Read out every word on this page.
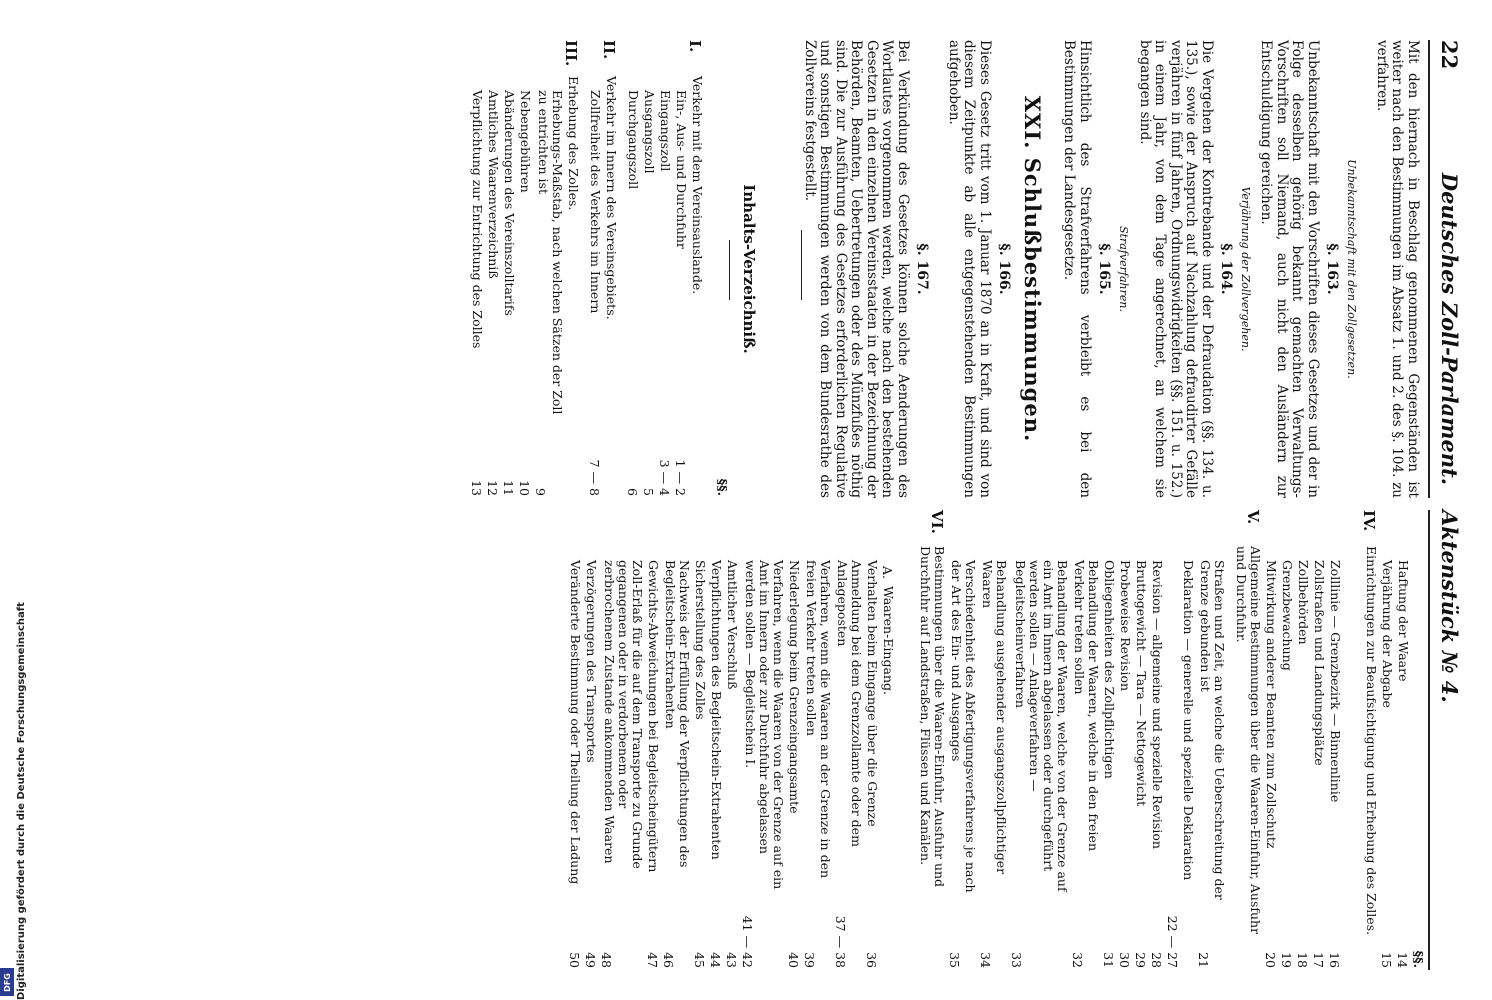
22
Deutsches Zoll-Parlament.
Mit den hiernach in Beschlag genommenen Gegenständen ist weiter nach den Bestimmungen im Absatz 1. und 2. des §. 104. zu verfahren.
Unbekanntschaft mit den Zollgesetzen.
§. 163.
Unbekanntschaft mit den Vorschriften dieses Gesetzes und der in Folge desselben gehörig bekannt gemachten Verwaltungs-Vorschriften soll Niemand, auch nicht den Ausländern zur Entschuldigung gereichen.
Verjährung der Zollvergehen.
§. 164.
Die Vergehen der Kontrebande und der Defraudation (§§. 134. u. 135.), sowie der Anspruch auf Nachzahlung defraudirter Gefälle verjähren in fünf Jahren, Ordnungswidrigkeiten (§§. 151. u. 152.) in einem Jahr, von dem Tage angerechnet, an welchem sie begangen sind.
Strafverfahren.
§. 165.
Hinsichtlich des Strafverfahrens verbleibt es bei den Bestimmungen der Landesgesetze.
XXI. Schlußbestimmungen.
§. 166.
Dieses Gesetz tritt vom 1. Januar 1870 an in Kraft, und sind von diesem Zeitpunkte ab alle entgegenstehenden Bestimmungen aufgehoben.
§. 167.
Bei Verkündung des Gesetzes können solche Aenderungen des Wortlautes vorgenommen werden, welche nach den bestehenden Gesetzen in den einzelnen Vereinsstaaten in der Bezeichnung der Behörden, Beamten, Uebertretungen oder des Münzfußes nöthig sind. Die zur Ausführung des Gesetzes erforderlichen Regulative und sonstigen Bestimmungen werden von dem Bundesrathe des Zollvereins festgestellt.
Inhalts-Verzeichniß.
§§.
I.
Verkehr mit dem Vereinsauslande.
Ein-, Aus- und Durchfuhr
1 — 2
Eingangszoll
3 — 4
Ausgangszoll
5
Durchgangszoll
6
II.
Verkehr im Innern des Vereinsgebiets.
Zollfreiheit des Verkehrs im Innern
7 — 8
III.
Erhebung des Zolles.
Erhebungs-Maßstab, nach welchen Sätzen der Zoll zu entrichten ist
9
Nebengebühren
10
Abänderungen des Vereinszolltarifs
11
Amtliches Waarenverzeichniß
12
Verpflichtung zur Entrichtung des Zolles
13
Aktenstück № 4.
§§.
Haftung der Waare
14
Verjährung der Abgabe
15
IV.
Einrichtungen zur Beaufsichtigung und Erhebung des Zolles.
Zolllinie — Grenzbezirk — Binnenlinie
16
Zollstraßen und Landungsplätze
17
Zollbehörden
18
Grenzbewachung
19
Mitwirkung anderer Beamten zum Zollschutz
20
V.
Allgemeine Bestimmungen über die Waaren-Einfuhr, Ausfuhr und Durchfuhr.
Straßen und Zeit, an welche die Ueberschreitung der Grenze gebunden ist
21
Deklaration — generelle und spezielle Deklaration
22 — 27
Revision — allgemeine und spezielle Revision
28
Bruttogewicht — Tara — Nettogewicht
29
Probeweise Revision
30
Obliegenheiten des Zollpflichtigen
31
Behandlung der Waaren, welche in den freien Verkehr treten sollen
32
Behandlung der Waaren, welche von der Grenze auf ein Amt im Innern abgelassen oder durchgeführt werden sollen — Anlageverfahren — Begleitscheinverfahren
33
Behandlung ausgehender ausgangszollpflichtiger Waaren
34
Verschiedenheit des Abfertigungsverfahrens je nach der Art des Ein- und Ausganges
35
VI.
Bestimmungen über die Waaren-Einfuhr, Ausfuhr und Durchfuhr auf Landstraßen, Flüssen und Kanälen.
A.
Waaren-Eingang.
Verhalten beim Eingange über die Grenze
36
Anmeldung bei dem Grenzzollamte oder dem Anlageposten
37 — 38
Verfahren, wenn die Waaren an der Grenze in den freien Verkehr treten sollen
39
Niederlegung beim Grenzeingangsamte
40
Verfahren, wenn die Waaren von der Grenze auf ein Amt im Innern oder zur Durchfuhr abgelassen werden sollen — Begleitschein I.
41 — 42
Amtlicher Verschluß
43
Verpflichtungen des Begleitschein-Extrahenten
44
Sicherstellung des Zolles
45
Nachweis der Erfüllung der Verpflichtungen des Begleitschein-Extrahenten
46
Gewichts-Abweichungen bei Begleitscheingütern
47
Zoll-Erlaß für die auf dem Transporte zu Grunde gegangenen oder in verdorbenem oder zerbrochenem Zustande ankommenden Waaren
48
Verzögerungen des Transportes
49
Veränderte Bestimmung oder Theilung der Ladung
50
Digitalisierung gefördert durch die Deutsche Forschungsgemeinschaft
DFG
